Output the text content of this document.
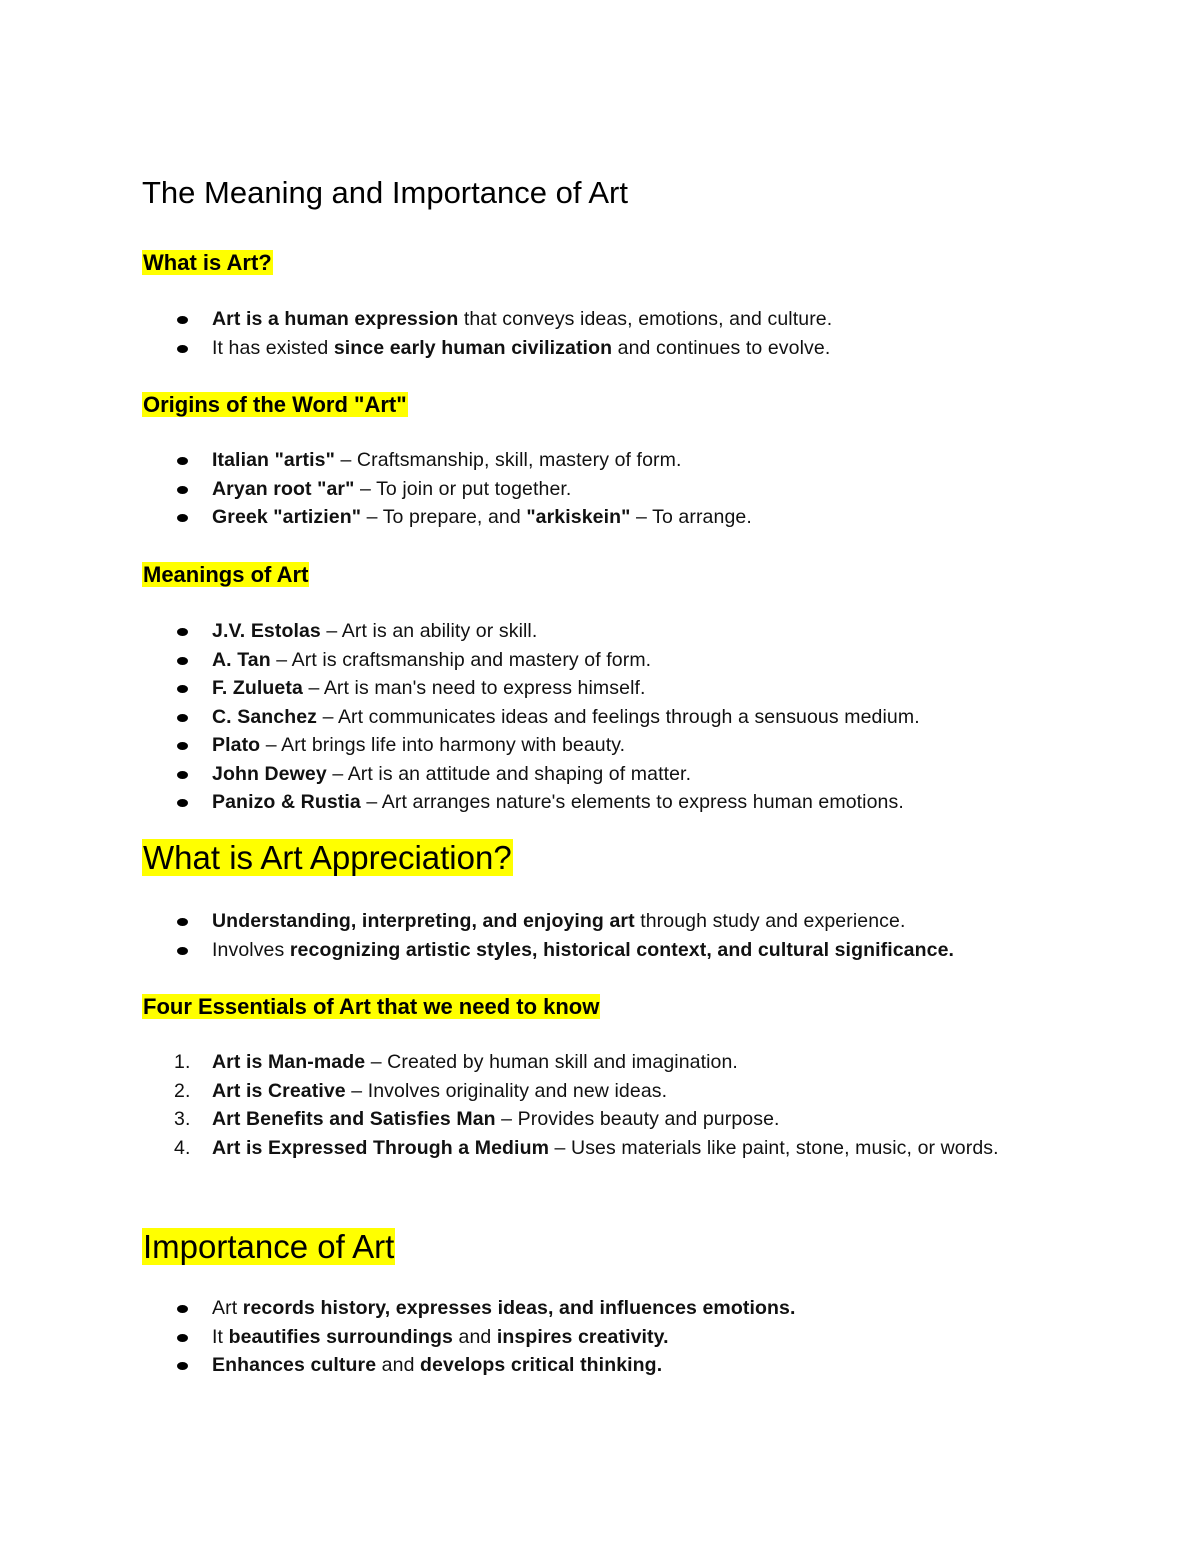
The Meaning and Importance of Art
What is Art?
Art is a human expression that conveys ideas, emotions, and culture.
It has existed since early human civilization and continues to evolve.
Origins of the Word "Art"
Italian "artis" – Craftsmanship, skill, mastery of form.
Aryan root "ar" – To join or put together.
Greek "artizien" – To prepare, and "arkiskein" – To arrange.
Meanings of Art
J.V. Estolas – Art is an ability or skill.
A. Tan – Art is craftsmanship and mastery of form.
F. Zulueta – Art is man's need to express himself.
C. Sanchez – Art communicates ideas and feelings through a sensuous medium.
Plato – Art brings life into harmony with beauty.
John Dewey – Art is an attitude and shaping of matter.
Panizo & Rustia – Art arranges nature's elements to express human emotions.
What is Art Appreciation?
Understanding, interpreting, and enjoying art through study and experience.
Involves recognizing artistic styles, historical context, and cultural significance.
Four Essentials of Art that we need to know
1. Art is Man-made – Created by human skill and imagination.
2. Art is Creative – Involves originality and new ideas.
3. Art Benefits and Satisfies Man – Provides beauty and purpose.
4. Art is Expressed Through a Medium – Uses materials like paint, stone, music, or words.
Importance of Art
Art records history, expresses ideas, and influences emotions.
It beautifies surroundings and inspires creativity.
Enhances culture and develops critical thinking.
